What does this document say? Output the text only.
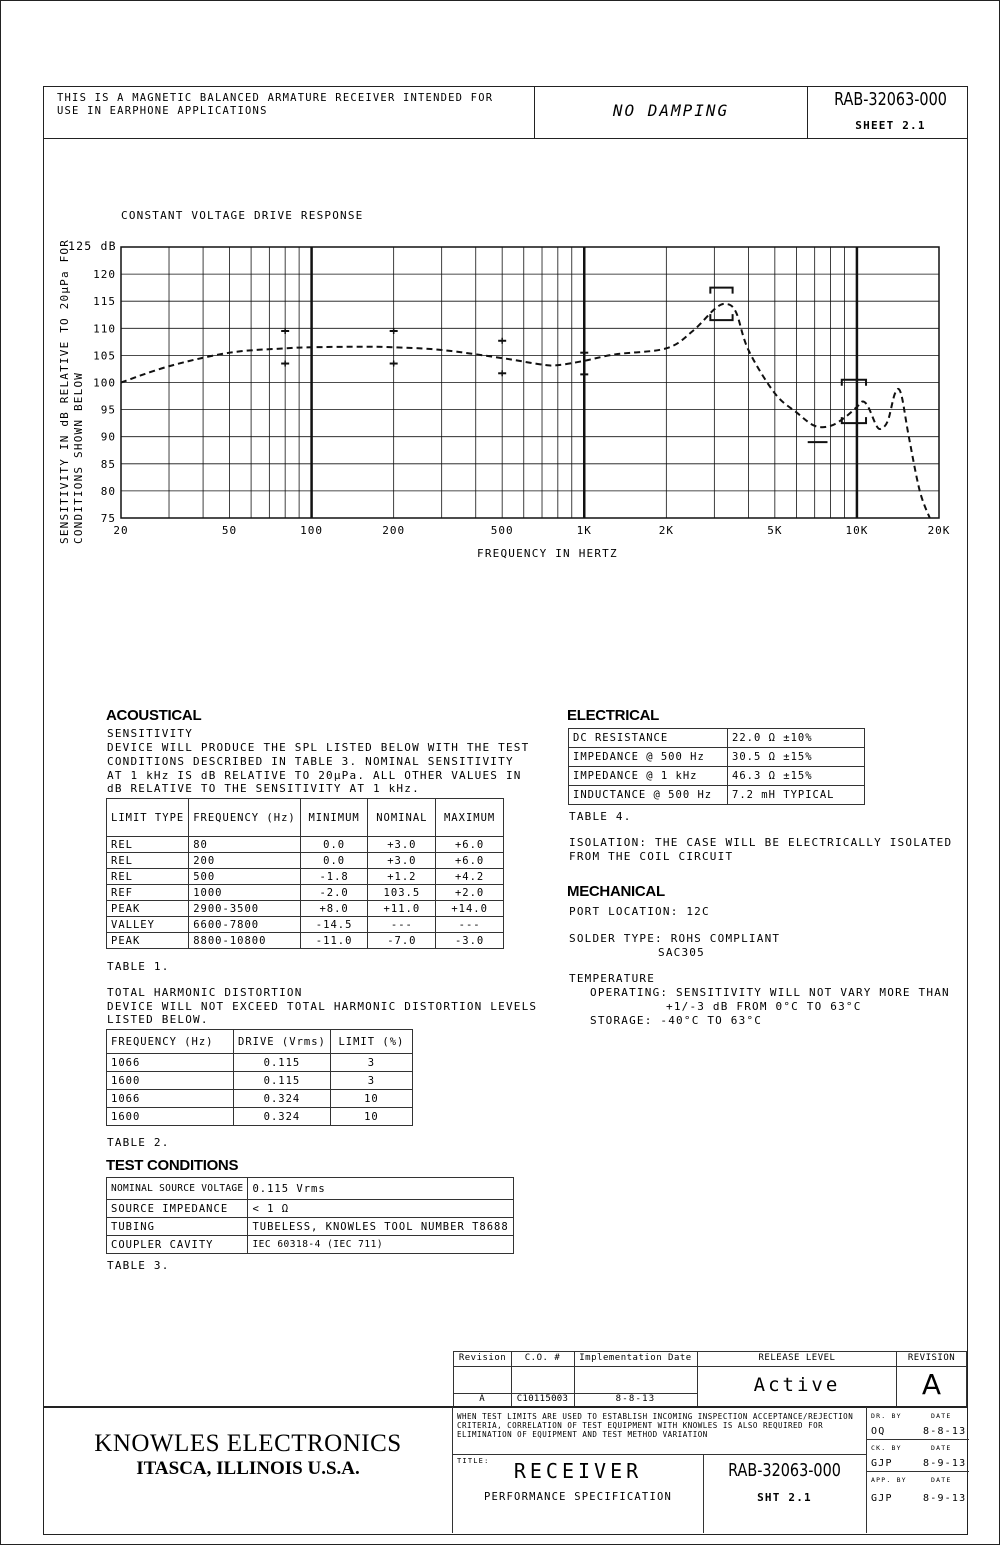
THIS IS A MAGNETIC BALANCED ARMATURE RECEIVER INTENDED FOR
USE IN EARPHONE APPLICATIONS	NO DAMPING
RAB-32063-000
SHEET 2.1
CONSTANT VOLTAGE DRIVE RESPONSE
125 dB
FREQUENCY IN HERTZ
SENSITIVITY IN dB RELATIVE TO 20µPa FOR CONDITIONS SHOWN BELOW
120
115
110
105
100
95
90
85
80
75
20	50	100	200	500	1K	2K	5K	10K	20K
ACOUSTICAL
SENSITIVITY
DEVICE WILL PRODUCE THE SPL LISTED BELOW WITH THE TEST
CONDITIONS DESCRIBED IN TABLE 3. NOMINAL SENSITIVITY
AT 1 kHz IS dB RELATIVE TO 20µPa. ALL OTHER VALUES IN
dB RELATIVE TO THE SENSITIVITY AT 1 kHz.
LIMIT TYPE	FREQUENCY (Hz)	MINIMUM	NOMINAL	MAXIMUM
REL	80	0.0	+3.0	+6.0
REL	200	0.0	+3.0	+6.0
REL	500	-1.8	+1.2	+4.2
REF	1000	-2.0	103.5	+2.0
PEAK	2900-3500	+8.0	+11.0	+14.0
VALLEY	6600-7800	-14.5	---	---
PEAK	8800-10800	-11.0	-7.0	-3.0
TABLE 1.
TOTAL HARMONIC DISTORTION
DEVICE WILL NOT EXCEED TOTAL HARMONIC DISTORTION LEVELS
LISTED BELOW.
FREQUENCY (Hz)	DRIVE (Vrms)	LIMIT (%)
1066	0.115	3
1600	0.115	3
1066	0.324	10
1600	0.324	10
TABLE 2.
TEST CONDITIONS
NOMINAL SOURCE VOLTAGE	0.115 Vrms
SOURCE IMPEDANCE	< 1 Ω
TUBING	TUBELESS, KNOWLES TOOL NUMBER T8688
COUPLER CAVITY	IEC 60318-4 (IEC 711)
TABLE 3.
ELECTRICAL
DC RESISTANCE	22.0 Ω ±10%
IMPEDANCE @ 500 Hz	30.5 Ω ±15%
IMPEDANCE @ 1 kHz	46.3 Ω ±15%
INDUCTANCE @ 500 Hz	7.2 mH TYPICAL
TABLE 4.
ISOLATION: THE CASE WILL BE ELECTRICALLY ISOLATED
FROM THE COIL CIRCUIT
MECHANICAL
PORT LOCATION: 12C
SOLDER TYPE: ROHS COMPLIANT
SAC305
TEMPERATURE
OPERATING: SENSITIVITY WILL NOT VARY MORE THAN
+1/-3 dB FROM 0°C TO 63°C
STORAGE: -40°C TO 63°C
Revision	C.O. #	Implementation Date
A	C10115003	8-8-13
RELEASE LEVEL
Active
REVISION
A
KNOWLES ELECTRONICS
ITASCA, ILLINOIS U.S.A.
WHEN TEST LIMITS ARE USED TO ESTABLISH INCOMING INSPECTION ACCEPTANCE/REJECTION
CRITERIA, CORRELATION OF TEST EQUIPMENT WITH KNOWLES IS ALSO REQUIRED FOR
ELIMINATION OF EQUIPMENT AND TEST METHOD VARIATION
TITLE:	RECEIVER
PERFORMANCE SPECIFICATION
RAB-32063-000
SHT 2.1
DR. BY	DATE
OQ	8-8-13
CK. BY	DATE
GJP	8-9-13
APP. BY	DATE
GJP	8-9-13
